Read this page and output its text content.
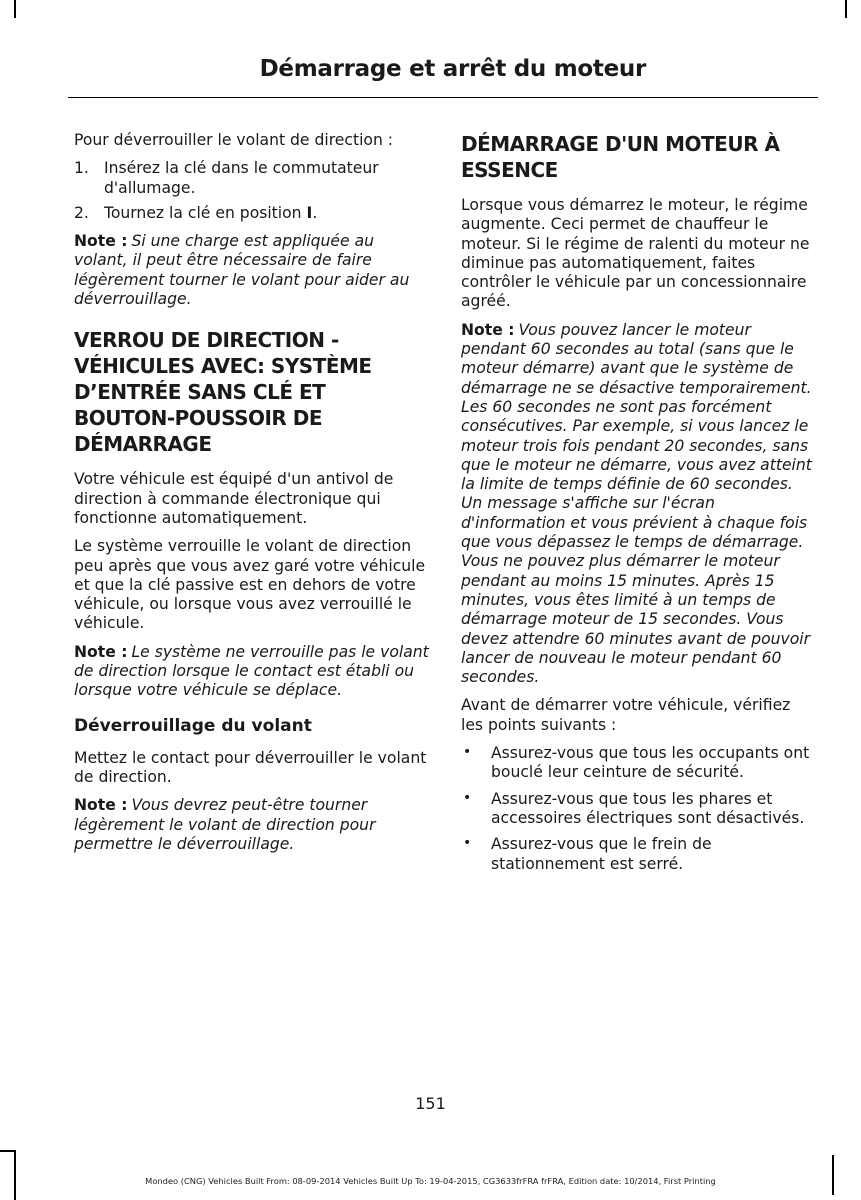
Démarrage et arrêt du moteur

Pour déverrouiller le volant de direction :

1. Insérez la clé dans le commutateur d'allumage.
2. Tournez la clé en position I.

Note : Si une charge est appliquée au volant, il peut être nécessaire de faire légèrement tourner le volant pour aider au déverrouillage.

VERROU DE DIRECTION - VÉHICULES AVEC: SYSTÈME D’ENTRÉE SANS CLÉ ET BOUTON-POUSSOIR DE DÉMARRAGE

Votre véhicule est équipé d'un antivol de direction à commande électronique qui fonctionne automatiquement.

Le système verrouille le volant de direction peu après que vous avez garé votre véhicule et que la clé passive est en dehors de votre véhicule, ou lorsque vous avez verrouillé le véhicule.

Note : Le système ne verrouille pas le volant de direction lorsque le contact est établi ou lorsque votre véhicule se déplace.

Déverrouillage du volant

Mettez le contact pour déverrouiller le volant de direction.

Note : Vous devrez peut-être tourner légèrement le volant de direction pour permettre le déverrouillage.

DÉMARRAGE D'UN MOTEUR À ESSENCE

Lorsque vous démarrez le moteur, le régime augmente. Ceci permet de chauffeur le moteur. Si le régime de ralenti du moteur ne diminue pas automatiquement, faites contrôler le véhicule par un concessionnaire agréé.

Note : Vous pouvez lancer le moteur pendant 60 secondes au total (sans que le moteur démarre) avant que le système de démarrage ne se désactive temporairement. Les 60 secondes ne sont pas forcément consécutives. Par exemple, si vous lancez le moteur trois fois pendant 20 secondes, sans que le moteur ne démarre, vous avez atteint la limite de temps définie de 60 secondes. Un message s'affiche sur l'écran d'information et vous prévient à chaque fois que vous dépassez le temps de démarrage. Vous ne pouvez plus démarrer le moteur pendant au moins 15 minutes. Après 15 minutes, vous êtes limité à un temps de démarrage moteur de 15 secondes. Vous devez attendre 60 minutes avant de pouvoir lancer de nouveau le moteur pendant 60 secondes.

Avant de démarrer votre véhicule, vérifiez les points suivants :

• Assurez-vous que tous les occupants ont bouclé leur ceinture de sécurité.
• Assurez-vous que tous les phares et accessoires électriques sont désactivés.
• Assurez-vous que le frein de stationnement est serré.
151
Mondeo (CNG) Vehicles Built From: 08-09-2014 Vehicles Built Up To: 19-04-2015, CG3633frFRA frFRA, Edition date: 10/2014, First Printing
